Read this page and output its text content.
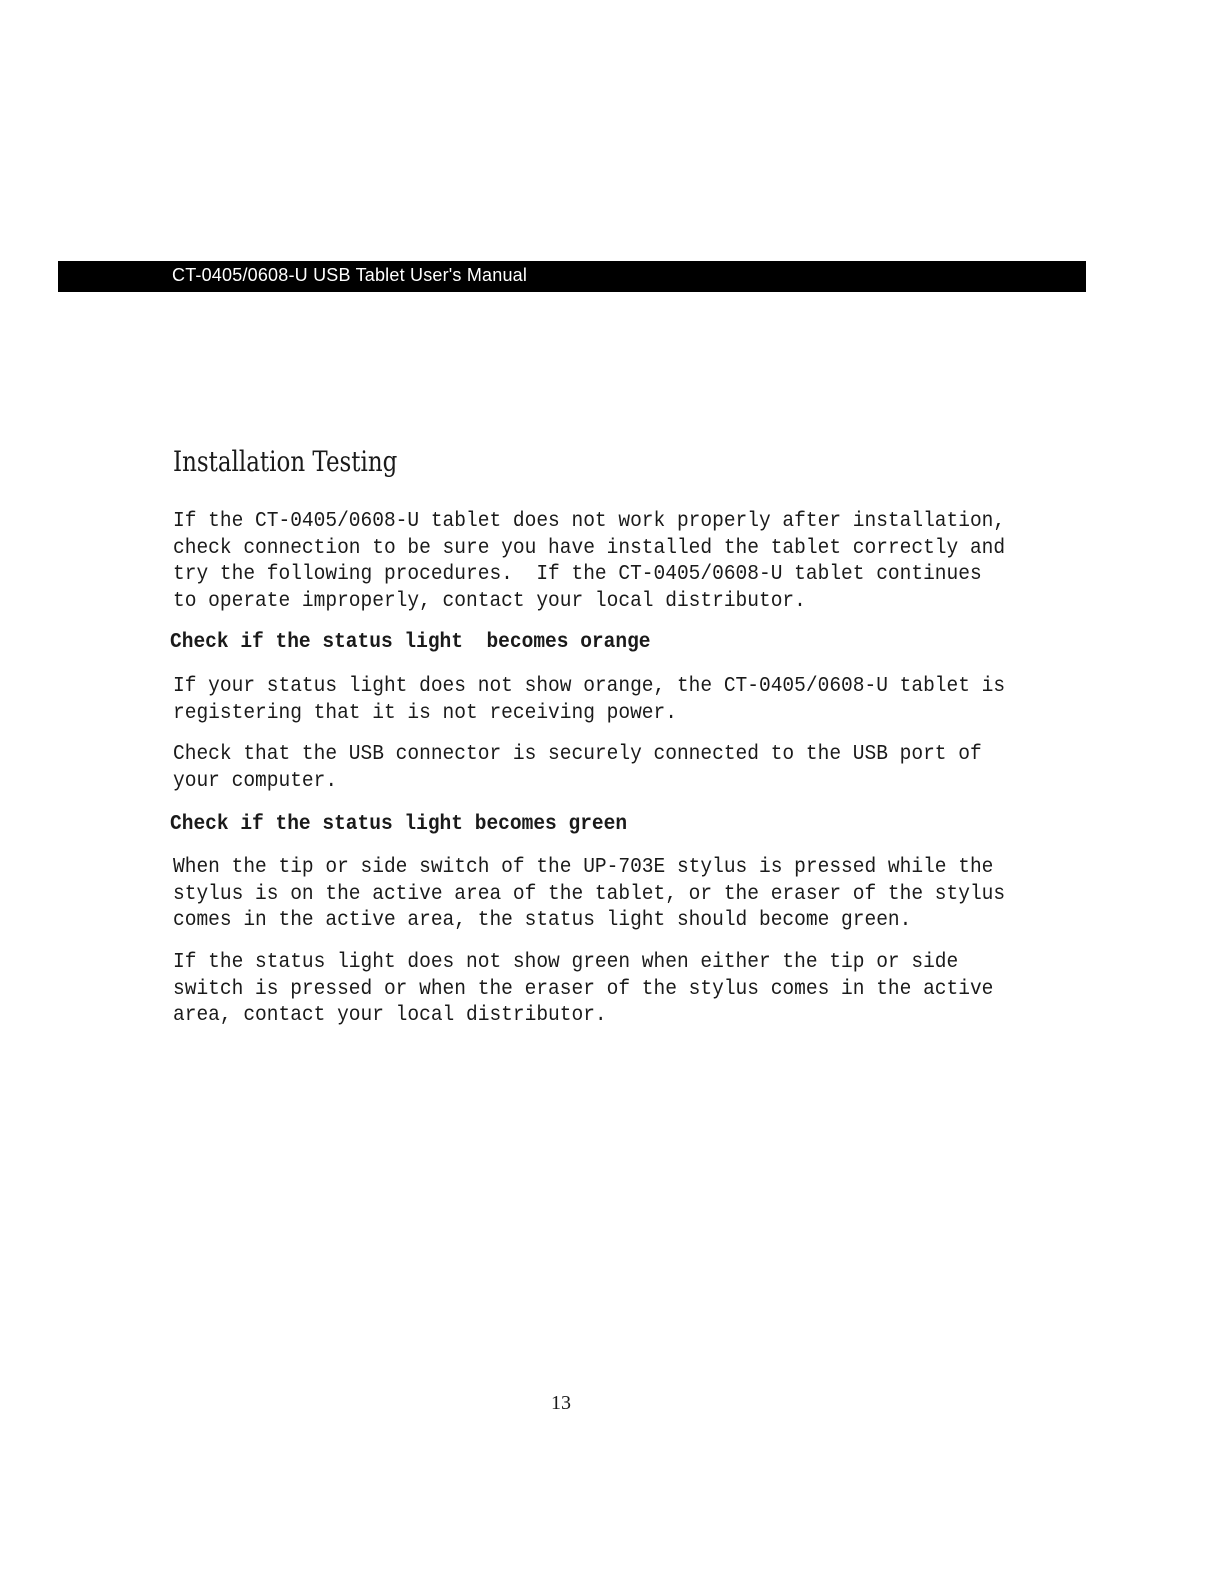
CT-0405/0608-U USB Tablet User's Manual
Installation Testing

If the CT-0405/0608-U tablet does not work properly after installation,
check connection to be sure you have installed the tablet correctly and
try the following procedures.  If the CT-0405/0608-U tablet continues
to operate improperly, contact your local distributor.

Check if the status light  becomes orange

If your status light does not show orange, the CT-0405/0608-U tablet is
registering that it is not receiving power.

Check that the USB connector is securely connected to the USB port of
your computer.

Check if the status light becomes green

When the tip or side switch of the UP-703E stylus is pressed while the
stylus is on the active area of the tablet, or the eraser of the stylus
comes in the active area, the status light should become green.

If the status light does not show green when either the tip or side
switch is pressed or when the eraser of the stylus comes in the active
area, contact your local distributor.

13
